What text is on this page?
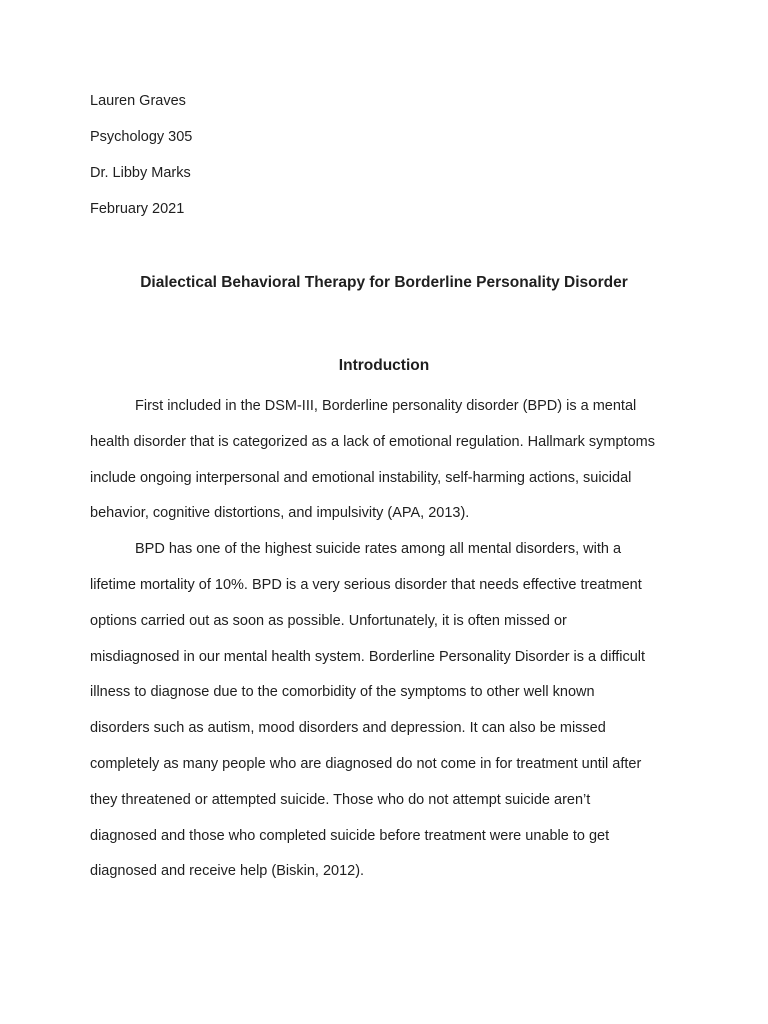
Lauren Graves
Psychology 305
Dr. Libby Marks
February 2021
Dialectical Behavioral Therapy for Borderline Personality Disorder
Introduction
First included in the DSM-III, Borderline personality disorder (BPD) is a mental
health disorder that is categorized as a lack of emotional regulation. Hallmark symptoms
include ongoing interpersonal and emotional instability, self-harming actions, suicidal
behavior, cognitive distortions, and impulsivity (APA, 2013).
BPD has one of the highest suicide rates among all mental disorders, with a
lifetime mortality of 10%. BPD is a very serious disorder that needs effective treatment
options carried out as soon as possible. Unfortunately, it is often missed or
misdiagnosed in our mental health system. Borderline Personality Disorder is a difficult
illness to diagnose due to the comorbidity of the symptoms to other well known
disorders such as autism, mood disorders and depression. It can also be missed
completely as many people who are diagnosed do not come in for treatment until after
they threatened or attempted suicide. Those who do not attempt suicide aren’t
diagnosed and those who completed suicide before treatment were unable to get
diagnosed and receive help (Biskin, 2012).
